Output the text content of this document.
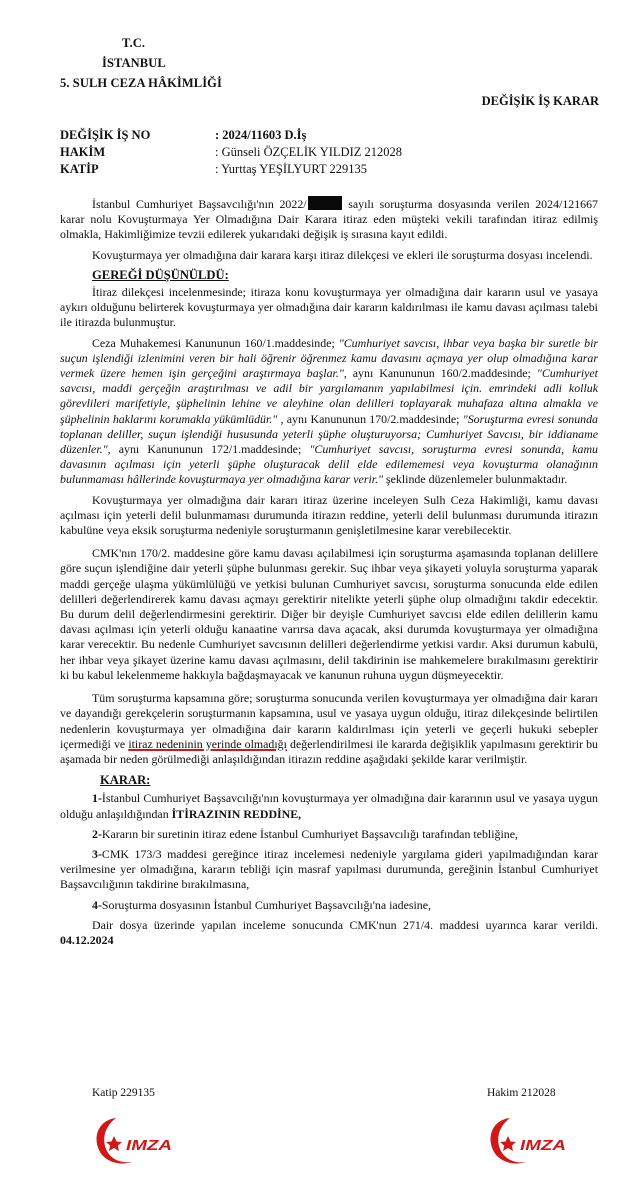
T.C.
İSTANBUL
5. SULH CEZA HÂKİMLİĞİ
DEĞİŞİK İŞ KARAR
DEĞİŞİK İŞ NO	: 2024/11603 D.İş
HAKİM	: Günseli ÖZÇELİK YILDIZ 212028
KATİP	: Yurttaş YEŞİLYURT 229135

İstanbul Cumhuriyet Başsavcılığı'nın 2022/	sayılı soruşturma dosyasında verilen 2024/121667 karar nolu Kovuşturmaya Yer Olmadığına Dair Karara itiraz eden müşteki vekili tarafından itiraz edilmiş olmakla, Hakimliğimize tevzii edilerek yukarıdaki değişik iş sırasına kayıt edildi.

Kovuşturmaya yer olmadığına dair karara karşı itiraz dilekçesi ve ekleri ile soruşturma dosyası incelendi.

GEREĞİ DÜŞÜNÜLDÜ:

İtiraz dilekçesi incelenmesinde; itiraza konu kovuşturmaya yer olmadığına dair kararın usul ve yasaya aykırı olduğunu belirterek kovuşturmaya yer olmadığına dair kararın kaldırılması ile kamu davası açılması talebi ile itirazda bulunmuştur.

Ceza Muhakemesi Kanununun 160/1.maddesinde; "Cumhuriyet savcısı, ihbar veya başka bir suretle bir suçun işlendiği izlenimini veren bir hali öğrenir öğrenmez kamu davasını açmaya yer olup olmadığına karar vermek üzere hemen işin gerçeğini araştırmaya başlar.", aynı Kanununun 160/2.maddesinde; "Cumhuriyet savcısı, maddi gerçeğin araştırılması ve adil bir yargılamanın yapılabilmesi için. emrindeki adli kolluk görevlileri marifetiyle, şüphelinin lehine ve aleyhine olan delilleri toplayarak muhafaza altına almakla ve şüphelinin haklarını korumakla yükümlüdür." , aynı Kanununun 170/2.maddesinde; "Soruşturma evresi sonunda toplanan deliller, suçun işlendiği hususunda yeterli şüphe oluşturuyorsa; Cumhuriyet Savcısı, bir iddianame düzenler.", aynı Kanununun 172/1.maddesinde; "Cumhuriyet savcısı, soruşturma evresi sonunda, kamu davasının açılması için yeterli şüphe oluşturacak delil elde edilememesi veya kovuşturma olanağının bulunmaması hâllerinde kovuşturmaya yer olmadığına karar verir." şeklinde düzenlemeler bulunmaktadır.

Kovuşturmaya yer olmadığına dair kararı itiraz üzerine inceleyen Sulh Ceza Hakimliği, kamu davası açılması için yeterli delil bulunmaması durumunda itirazın reddine, yeterli delil bulunması durumunda itirazın kabulüne veya eksik soruşturma nedeniyle soruşturmanın genişletilmesine karar verebilecektir.

CMK'nın 170/2. maddesine göre kamu davası açılabilmesi için soruşturma aşamasında toplanan delillere göre suçun işlendiğine dair yeterli şüphe bulunması gerekir. Suç ihbar veya şikayeti yoluyla soruşturma yaparak maddi gerçeğe ulaşma yükümlülüğü ve yetkisi bulunan Cumhuriyet savcısı, soruşturma sonucunda elde edilen delilleri değerlendirerek kamu davası açmayı gerektirir nitelikte yeterli şüphe olup olmadığını takdir edecektir. Bu durum delil değerlendirmesini gerektirir. Diğer bir deyişle Cumhuriyet savcısı elde edilen delillerin kamu davası açılması için yeterli olduğu kanaatine varırsa dava açacak, aksi durumda kovuşturmaya yer olmadığına karar verecektir. Bu nedenle Cumhuriyet savcısının delilleri değerlendirme yetkisi vardır. Aksi durumun kabulü, her ihbar veya şikayet üzerine kamu davası açılmasını, delil takdirinin ise mahkemelere bırakılmasını gerektirir ki bu kabul lekelenmeme hakkıyla bağdaşmayacak ve kanunun ruhuna uygun düşmeyecektir.

Tüm soruşturma kapsamına göre; soruşturma sonucunda verilen kovuşturmaya yer olmadığına dair kararı ve dayandığı gerekçelerin soruşturmanın kapsamına, usul ve yasaya uygun olduğu, itiraz dilekçesinde belirtilen nedenlerin kovuşturmaya yer olmadığına dair kararın kaldırılması için yeterli ve geçerli hukuki sebepler içermediği ve itiraz nedeninin yerinde olmadığı değerlendirilmesi ile kararda değişiklik yapılmasını gerektirir bu aşamada bir neden görülmediği anlaşıldığından itirazın reddine aşağıdaki şekilde karar verilmiştir.

KARAR:

1-İstanbul Cumhuriyet Başsavcılığı'nın kovuşturmaya yer olmadığına dair kararının usul ve yasaya uygun olduğu anlaşıldığından İTİRAZININ REDDİNE,

2-Kararın bir suretinin itiraz edene İstanbul Cumhuriyet Başsavcılığı tarafından tebliğine,

3-CMK 173/3 maddesi gereğince itiraz incelemesi nedeniyle yargılama gideri yapılmadığından karar verilmesine yer olmadığına, kararın tebliği için masraf yapılması durumunda, gereğinin İstanbul Cumhuriyet Başsavcılığının takdirine bırakılmasına,

4-Soruşturma dosyasının İstanbul Cumhuriyet Başsavcılığı'na iadesine,

Dair dosya üzerinde yapılan inceleme sonucunda CMK'nun 271/4. maddesi uyarınca karar verildi. 04.12.2024

Katip 229135	Hakim 212028
IMZA	IMZA
